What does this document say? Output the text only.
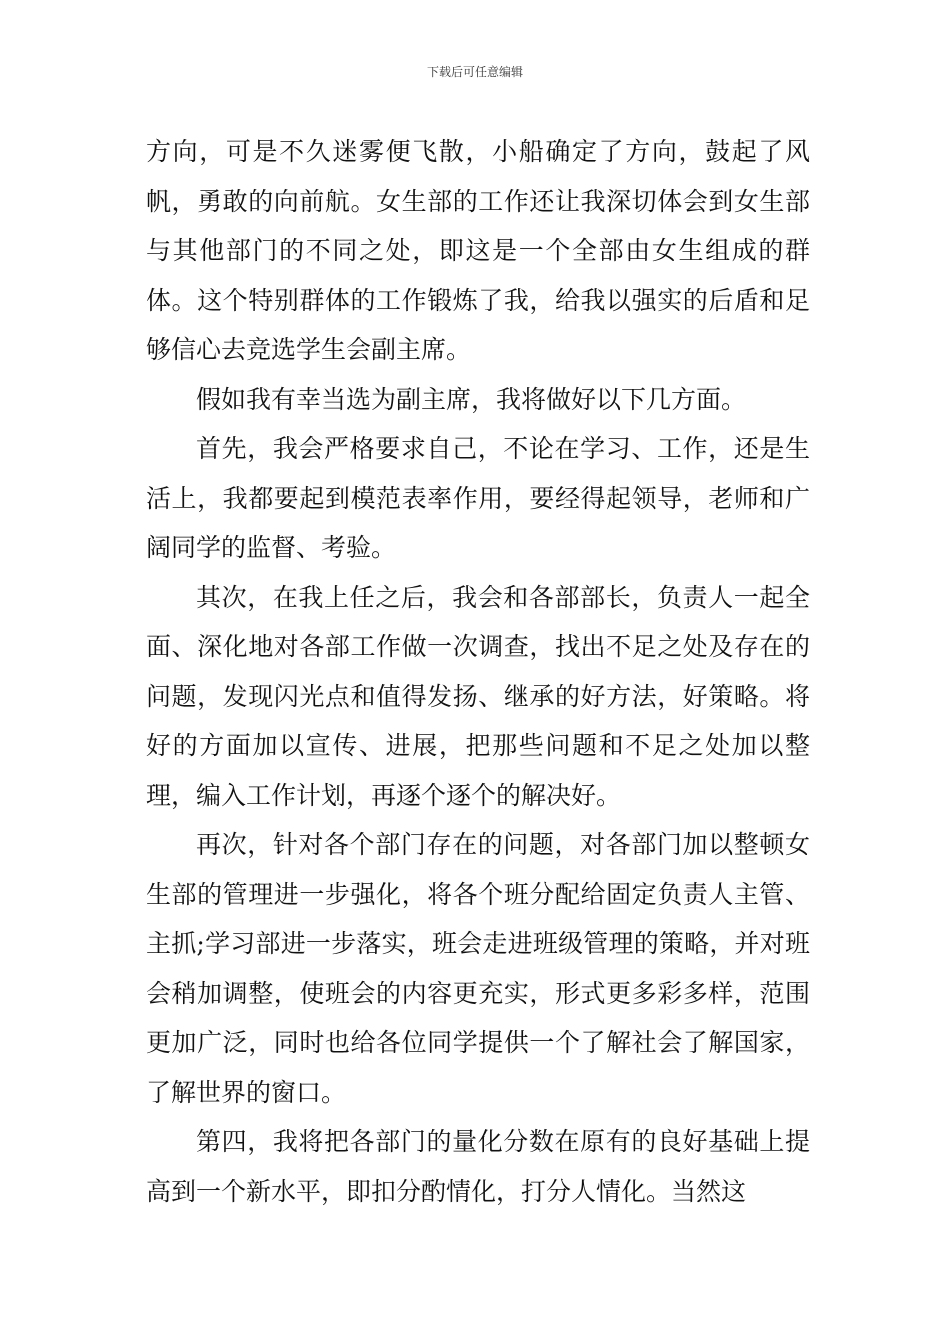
下载后可任意编辑

方向，可是不久迷雾便飞散，小船确定了方向，鼓起了风帆，勇敢的向前航。女生部的工作还让我深切体会到女生部与其他部门的不同之处，即这是一个全部由女生组成的群体。这个特别群体的工作锻炼了我，给我以强实的后盾和足够信心去竞选学生会副主席。

假如我有幸当选为副主席，我将做好以下几方面。

首先，我会严格要求自己，不论在学习、工作，还是生活上，我都要起到模范表率作用，要经得起领导，老师和广阔同学的监督、考验。

其次，在我上任之后，我会和各部部长，负责人一起全面、深化地对各部工作做一次调查，找出不足之处及存在的问题，发现闪光点和值得发扬、继承的好方法，好策略。将好的方面加以宣传、进展，把那些问题和不足之处加以整理，编入工作计划，再逐个逐个的解决好。

再次，针对各个部门存在的问题，对各部门加以整顿女生部的管理进一步强化，将各个班分配给固定负责人主管、主抓;学习部进一步落实，班会走进班级管理的策略，并对班会稍加调整，使班会的内容更充实，形式更多彩多样，范围更加广泛，同时也给各位同学提供一个了解社会了解国家，了解世界的窗口。

第四，我将把各部门的量化分数在原有的良好基础上提高到一个新水平，即扣分酌情化，打分人情化。当然这
